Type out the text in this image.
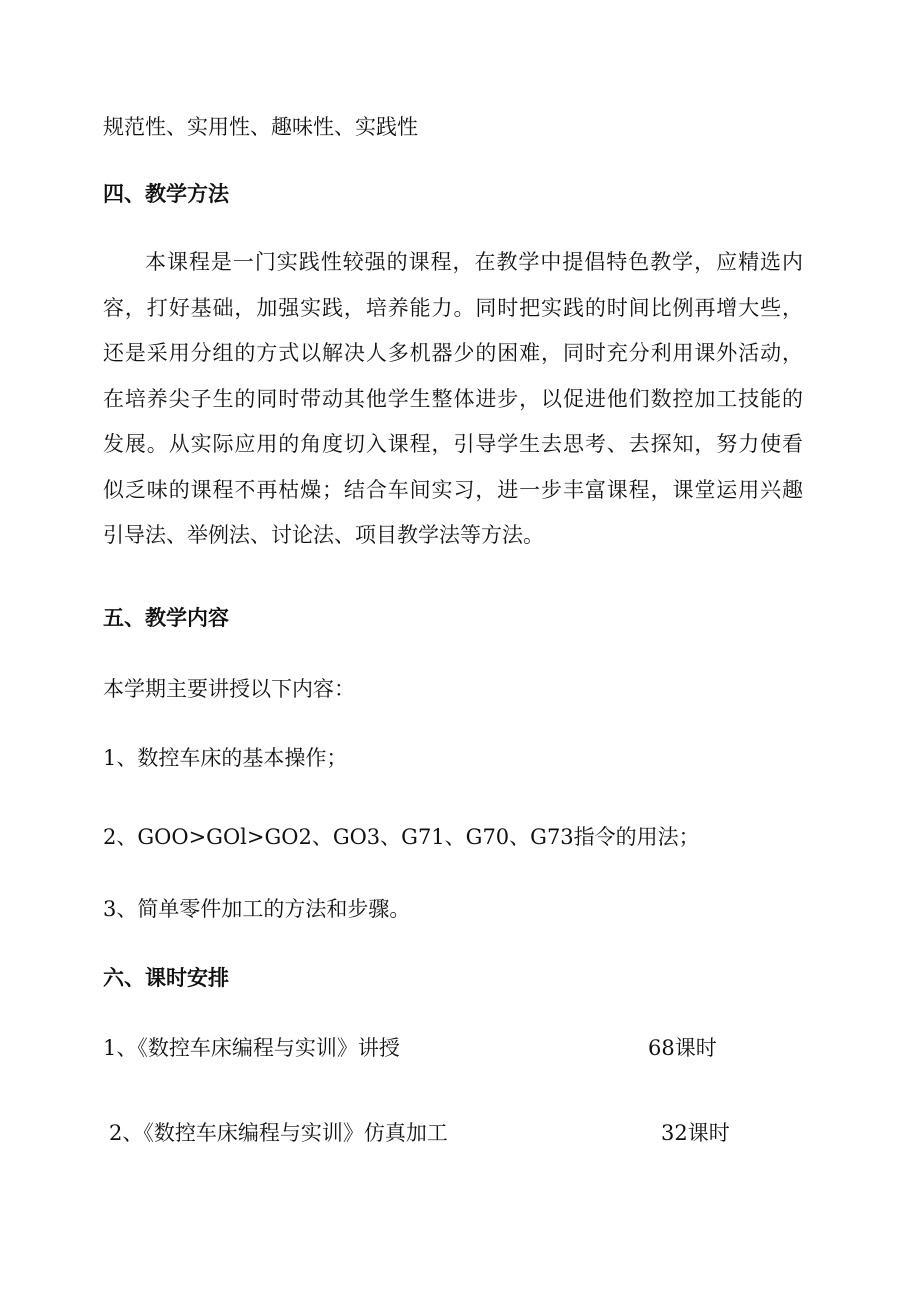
规范性、实用性、趣味性、实践性
四、教学方法
本课程是一门实践性较强的课程，在教学中提倡特色教学，应精选内
容，打好基础，加强实践，培养能力。同时把实践的时间比例再增大些，
还是采用分组的方式以解决人多机器少的困难，同时充分利用课外活动，
在培养尖子生的同时带动其他学生整体进步，以促进他们数控加工技能的
发展。从实际应用的角度切入课程，引导学生去思考、去探知，努力使看
似乏味的课程不再枯燥；结合车间实习，进一步丰富课程，课堂运用兴趣
引导法、举例法、讨论法、项目教学法等方法。
五、教学内容
本学期主要讲授以下内容：
1、数控车床的基本操作；
2、GOO>GOl>GO2、GO3、G71、G70、G73指令的用法；
3、简单零件加工的方法和步骤。
六、课时安排
1、《数控车床编程与实训》讲授	68课时
2、《数控车床编程与实训》仿真加工	32课时
